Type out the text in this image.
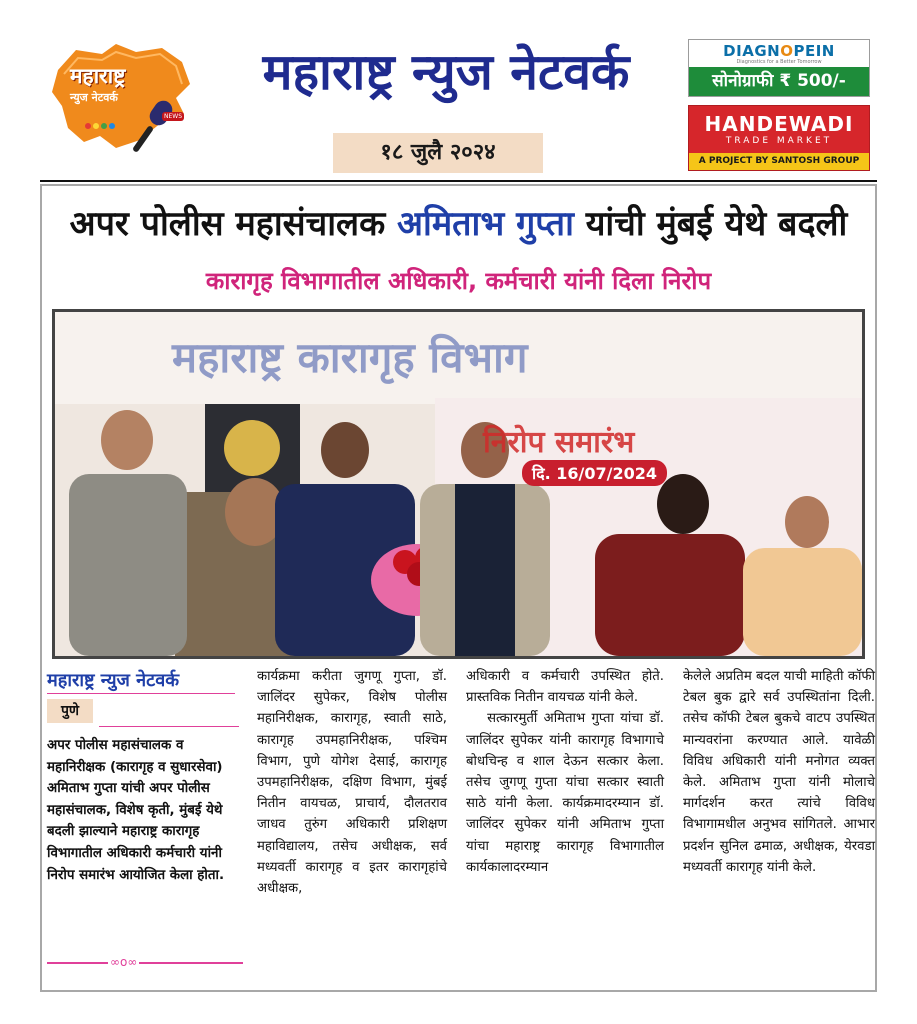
महाराष्ट्र
न्युज नेटवर्क
NEWS
महाराष्ट्र न्युज नेटवर्क
१८ जुलै २०२४
DIAGNOPEIN
Diagnostics for a Better Tomorrow
सोनोग्राफी ₹ 500/-
HANDEWADI
TRADE MARKET
A PROJECT BY SANTOSH GROUP
अपर पोलीस महासंचालक अमिताभ गुप्ता यांची मुंबई येथे बदली
कारागृह विभागातील अधिकारी, कर्मचारी यांनी दिला निरोप
महाराष्ट्र कारागृह विभाग
निरोप समारंभ
दि. 16/07/2024
महाराष्ट्र न्युज नेटवर्क
पुणे

अपर पोलीस महासंचालक व महानिरीक्षक (कारागृह व सुधारसेवा) अमिताभ गुप्ता यांची अपर पोलीस महासंचालक, विशेष कृती, मुंबई येथे बदली झाल्याने महाराष्ट्र कारागृह विभागातील अधिकारी कर्मचारी यांनी निरोप समारंभ आयोजित केला होता.

∞o∞

कार्यक्रमा करीता जुगणू गुप्ता, डॉ. जालिंदर सुपेकर, विशेष पोलीस महानिरीक्षक, कारागृह, स्वाती साठे, कारागृह उपमहानिरीक्षक, पश्चिम विभाग, पुणे योगेश देसाई, कारागृह उपमहानिरीक्षक, दक्षिण विभाग, मुंबई नितीन वायचळ, प्राचार्य, दौलतराव जाधव तुरुंग अधिकारी प्रशिक्षण महाविद्यालय, तसेच अधीक्षक, सर्व मध्यवर्ती कारागृह व इतर कारागृहांचे अधीक्षक,

अधिकारी व कर्मचारी उपस्थित होते. प्रास्तविक नितीन वायचळ यांनी केले.

सत्कारमुर्ती अमिताभ गुप्ता यांचा डॉ. जालिंदर सुपेकर यांनी कारागृह विभागाचे बोधचिन्ह व शाल देऊन सत्कार केला. तसेच जुगणू गुप्ता यांचा सत्कार स्वाती साठे यांनी केला. कार्यक्रमादरम्यान डॉ. जालिंदर सुपेकर यांनी अमिताभ गुप्ता यांचा महाराष्ट्र कारागृह विभागातील कार्यकालादरम्यान

केलेले अप्रतिम बदल याची माहिती कॉफी टेबल बुक द्वारे सर्व उपस्थितांना दिली. तसेच कॉफी टेबल बुकचे वाटप उपस्थित मान्यवरांना करण्यात आले. यावेळी विविध अधिकारी यांनी मनोगत व्यक्त केले. अमिताभ गुप्ता यांनी मोलाचे मार्गदर्शन करत त्यांचे विविध विभागामधील अनुभव सांगितले. आभार प्रदर्शन सुनिल ढमाळ, अधीक्षक, येरवडा मध्यवर्ती कारागृह यांनी केले.
